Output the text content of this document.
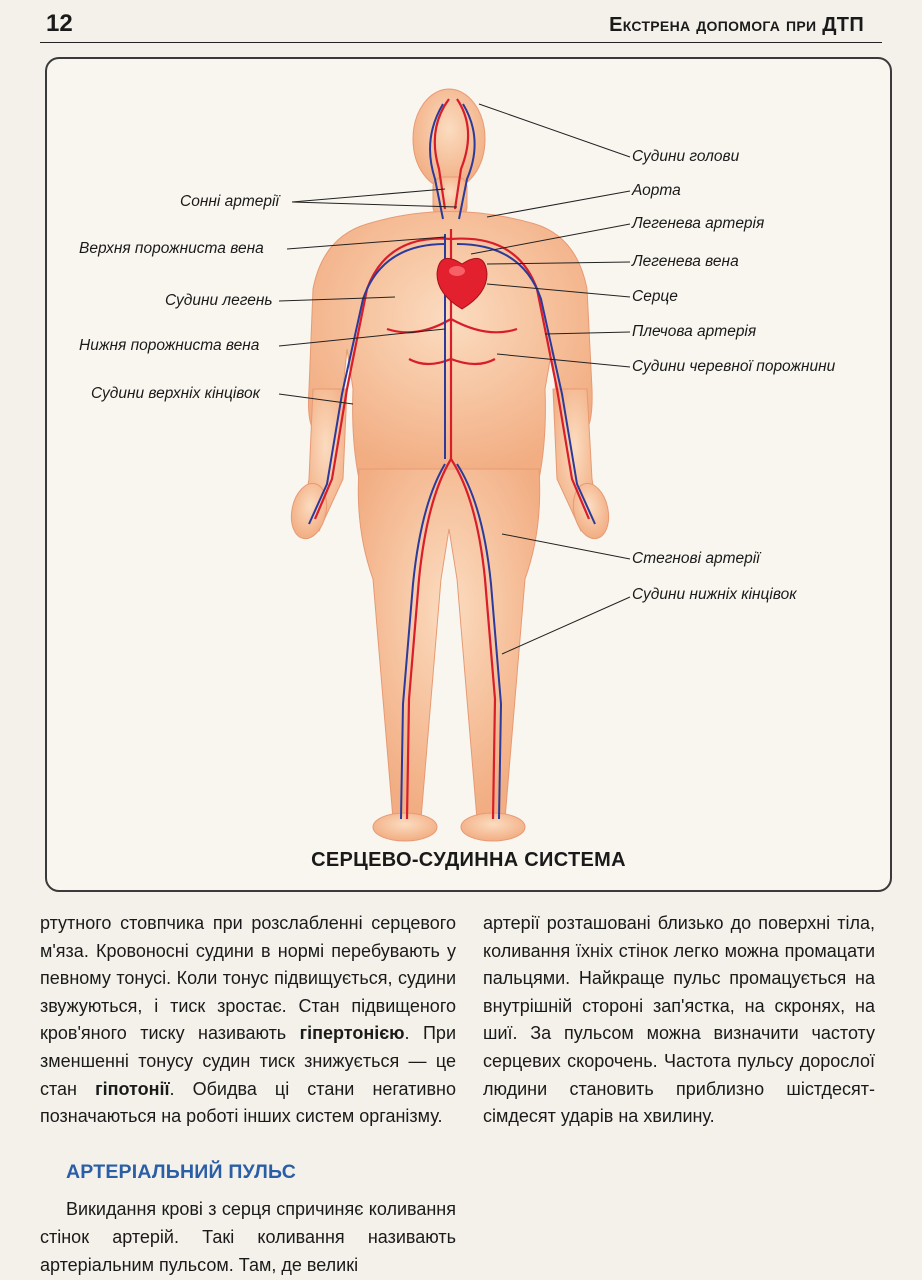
12	Екстрена допомога при ДТП
Сонні артерії
Верхня порожниста вена
Судини легень
Нижня порожниста вена
Судини верхніх кінцівок
Судини голови
Аорта
Легенева артерія
Легенева вена
Серце
Плечова артерія
Судини черевної порожнини
Стегнові артерії
Судини нижніх кінцівок
СЕРЦЕВО-СУДИННА СИСТЕМА

ртутного стовпчика при розслабленні серцевого м'яза. Кровоносні судини в нормі перебувають у певному тонусі. Коли тонус підвищується, судини звужуються, і тиск зростає. Стан підвищеного кров'яного тиску називають гіпертонією. При зменшенні тонусу судин тиск знижується — це стан гіпотонії. Обидва ці стани негативно позначаються на роботі інших систем організму.

АРТЕРІАЛЬНИЙ ПУЛЬС

Викидання крові з серця спричиняє коливання стінок артерій. Такі коливання називають артеріальним пульсом. Там, де великі

артерії розташовані близько до поверхні тіла, коливання їхніх стінок легко можна промацати пальцями. Найкраще пульс промацується на внутрішній стороні зап'ястка, на скронях, на шиї. За пульсом можна визначити частоту серцевих скорочень. Частота пульсу дорослої людини становить приблизно шістдесят-сімдесят ударів на хвилину.
